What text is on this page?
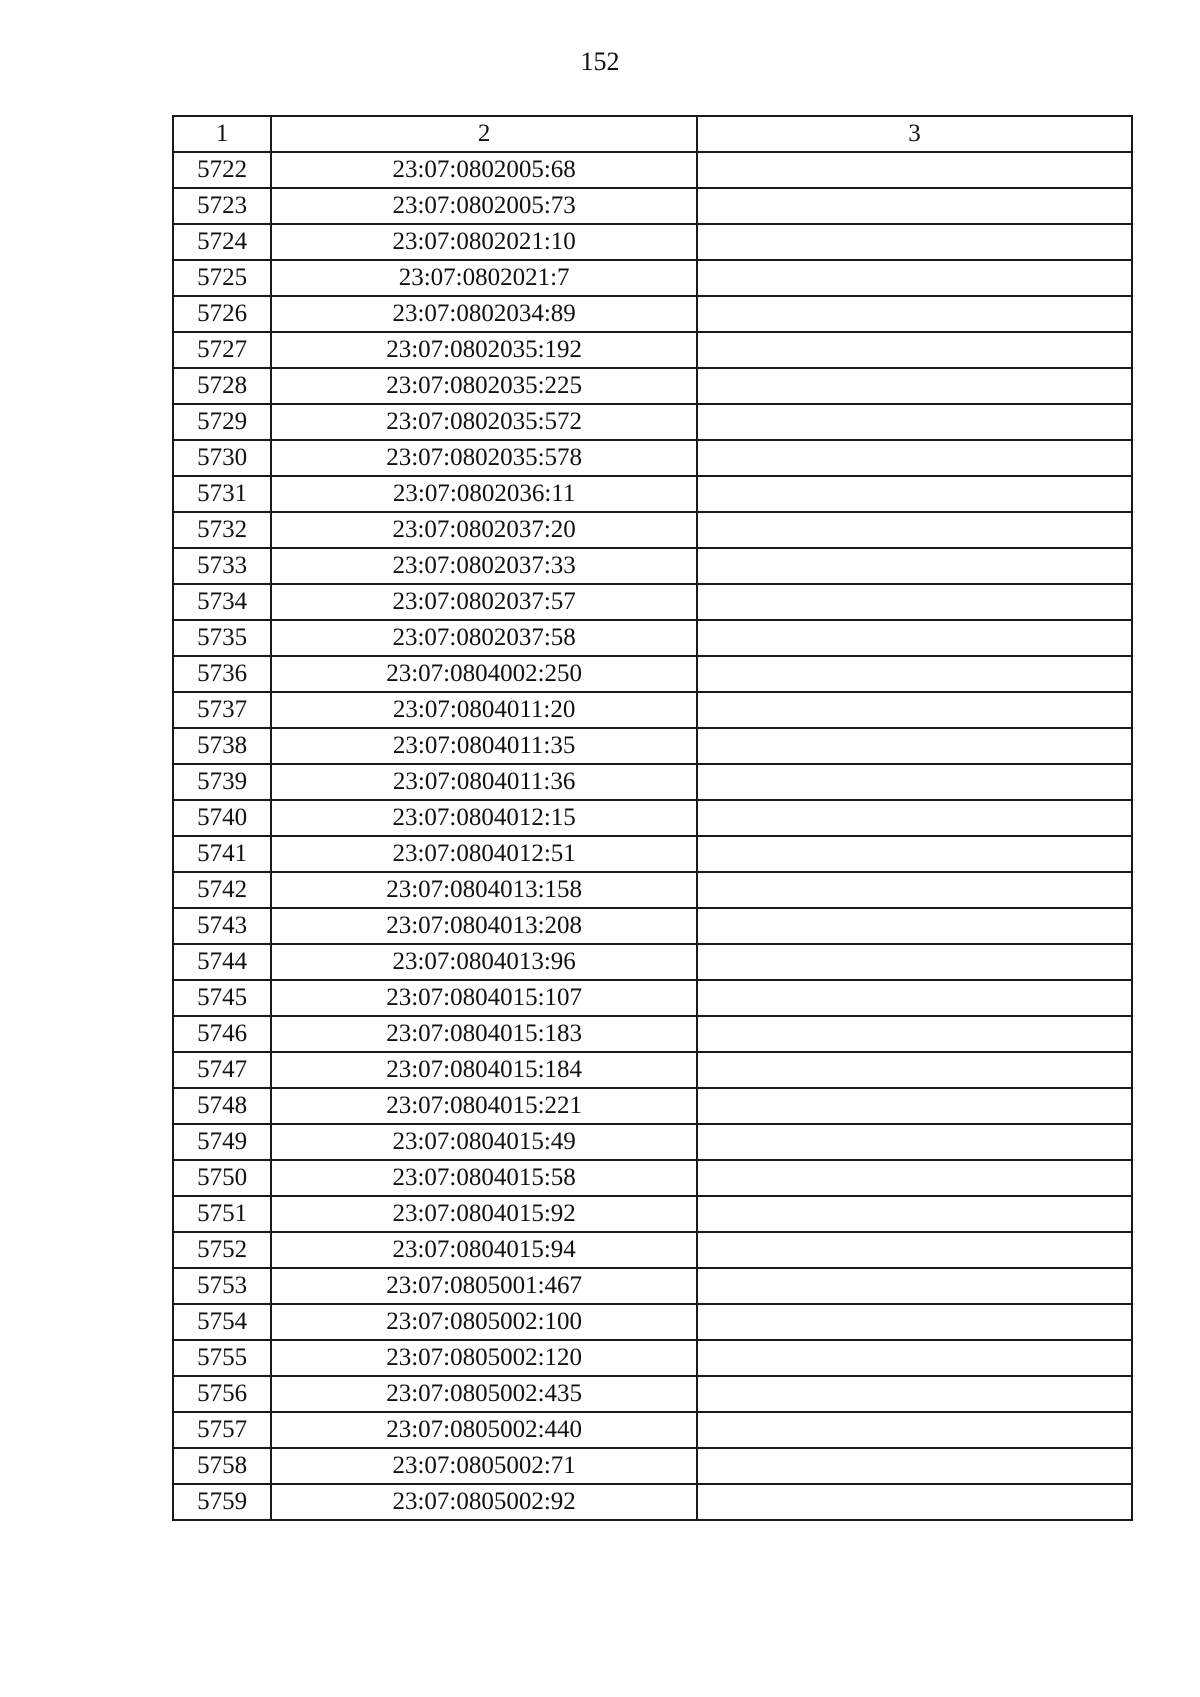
152
1	2	3
5722	23:07:0802005:68	
5723	23:07:0802005:73	
5724	23:07:0802021:10	
5725	23:07:0802021:7	
5726	23:07:0802034:89	
5727	23:07:0802035:192	
5728	23:07:0802035:225	
5729	23:07:0802035:572	
5730	23:07:0802035:578	
5731	23:07:0802036:11	
5732	23:07:0802037:20	
5733	23:07:0802037:33	
5734	23:07:0802037:57	
5735	23:07:0802037:58	
5736	23:07:0804002:250	
5737	23:07:0804011:20	
5738	23:07:0804011:35	
5739	23:07:0804011:36	
5740	23:07:0804012:15	
5741	23:07:0804012:51	
5742	23:07:0804013:158	
5743	23:07:0804013:208	
5744	23:07:0804013:96	
5745	23:07:0804015:107	
5746	23:07:0804015:183	
5747	23:07:0804015:184	
5748	23:07:0804015:221	
5749	23:07:0804015:49	
5750	23:07:0804015:58	
5751	23:07:0804015:92	
5752	23:07:0804015:94	
5753	23:07:0805001:467	
5754	23:07:0805002:100	
5755	23:07:0805002:120	
5756	23:07:0805002:435	
5757	23:07:0805002:440	
5758	23:07:0805002:71	
5759	23:07:0805002:92	
